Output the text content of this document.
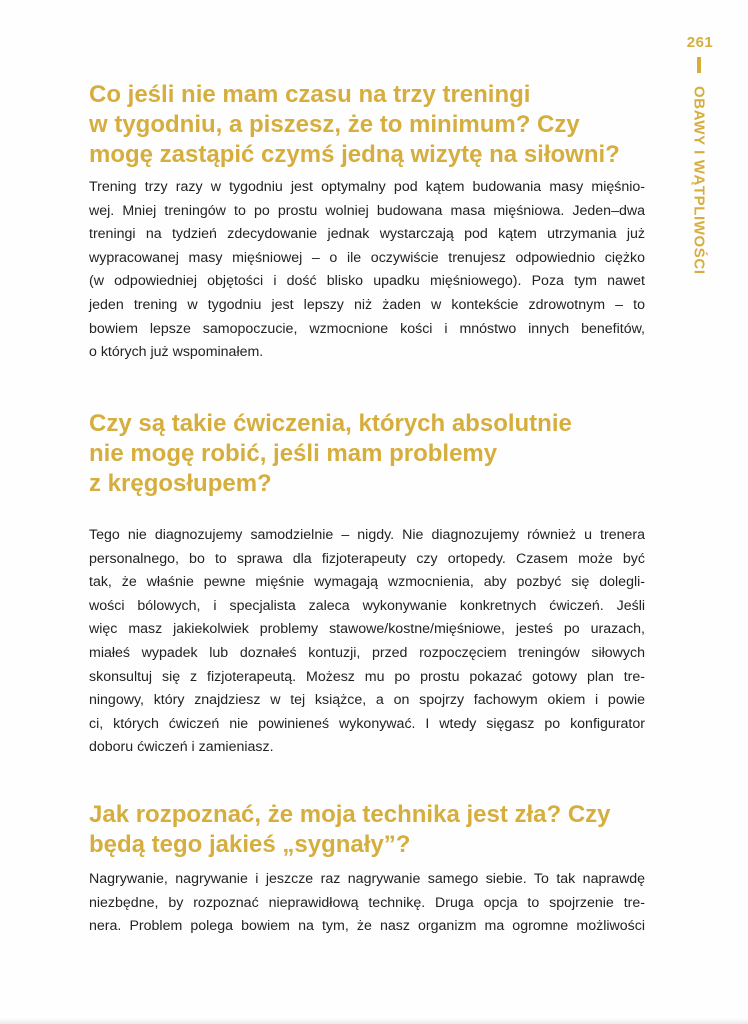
261
OBAWY I WĄTPLIWOŚCI
Co jeśli nie mam czasu na trzy treningi
w tygodniu, a piszesz, że to minimum? Czy
mogę zastąpić czymś jedną wizytę na siłowni?
Trening trzy razy w tygodniu jest optymalny pod kątem budowania masy mięśnio-
wej. Mniej treningów to po prostu wolniej budowana masa mięśniowa. Jeden–dwa
treningi na tydzień zdecydowanie jednak wystarczają pod kątem utrzymania już
wypracowanej masy mięśniowej – o ile oczywiście trenujesz odpowiednio ciężko
(w odpowiedniej objętości i dość blisko upadku mięśniowego). Poza tym nawet
jeden trening w tygodniu jest lepszy niż żaden w kontekście zdrowotnym – to
bowiem lepsze samopoczucie, wzmocnione kości i mnóstwo innych benefitów,
o których już wspominałem.
Czy są takie ćwiczenia, których absolutnie
nie mogę robić, jeśli mam problemy
z kręgosłupem?
Tego nie diagnozujemy samodzielnie – nigdy. Nie diagnozujemy również u trenera
personalnego, bo to sprawa dla fizjoterapeuty czy ortopedy. Czasem może być
tak, że właśnie pewne mięśnie wymagają wzmocnienia, aby pozbyć się dolegli-
wości bólowych, i specjalista zaleca wykonywanie konkretnych ćwiczeń. Jeśli
więc masz jakiekolwiek problemy stawowe/kostne/mięśniowe, jesteś po urazach,
miałeś wypadek lub doznałeś kontuzji, przed rozpoczęciem treningów siłowych
skonsultuj się z fizjoterapeutą. Możesz mu po prostu pokazać gotowy plan tre-
ningowy, który znajdziesz w tej książce, a on spojrzy fachowym okiem i powie
ci, których ćwiczeń nie powinieneś wykonywać. I wtedy sięgasz po konfigurator
doboru ćwiczeń i zamieniasz.
Jak rozpoznać, że moja technika jest zła? Czy
będą tego jakieś „sygnały”?
Nagrywanie, nagrywanie i jeszcze raz nagrywanie samego siebie. To tak naprawdę
niezbędne, by rozpoznać nieprawidłową technikę. Druga opcja to spojrzenie tre-
nera. Problem polega bowiem na tym, że nasz organizm ma ogromne możliwości
